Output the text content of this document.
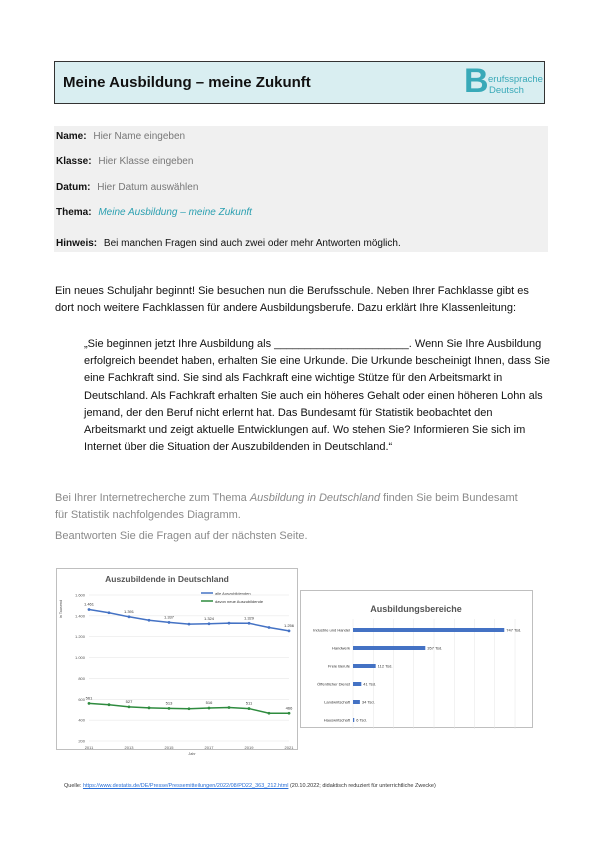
Meine Ausbildung – meine Zukunft	B erufssprache
Deutsch
Name: Hier Name eingeben
Klasse: Hier Klasse eingeben
Datum: Hier Datum auswählen
Thema: Meine Ausbildung – meine Zukunft
Hinweis: Bei manchen Fragen sind auch zwei oder mehr Antworten möglich.
Ein neues Schuljahr beginnt! Sie besuchen nun die Berufsschule. Neben Ihrer Fachklasse gibt es dort noch weitere Fachklassen für andere Ausbildungsberufe. Dazu erklärt Ihre Klassenleitung:
„Sie beginnen jetzt Ihre Ausbildung als ______________________. Wenn Sie Ihre Ausbildung erfolgreich beendet haben, erhalten Sie eine Urkunde. Die Urkunde bescheinigt Ihnen, dass Sie eine Fachkraft sind. Sie sind als Fachkraft eine wichtige Stütze für den Arbeitsmarkt in Deutschland. Als Fachkraft erhalten Sie auch ein höheres Gehalt oder einen höheren Lohn als jemand, der den Beruf nicht erlernt hat. Das Bundesamt für Statistik beobachtet den Arbeitsmarkt und zeigt aktuelle Entwicklungen auf. Wo stehen Sie? Informieren Sie sich im Internet über die Situation der Auszubildenden in Deutschland.“
Bei Ihrer Internetrecherche zum Thema Ausbildung in Deutschland finden Sie beim Bundesamt für Statistik nachfolgendes Diagramm.
Beantworten Sie die Fragen auf der nächsten Seite.
Auszubildende in Deutschland
alle Auszubildenden
davon neue Auszubildende
in Tausend
Jahr
200
400
600
800
1.000
1.200
1.400
1.600
2011	2013	2015	2017	2019	2021
1.461
1.391
1.337	1.324	1.329
1.256
561
527	513	516	511
466
Ausbildungsbereiche
Industrie und Handel	747 Tsd.
Handwerk	357 Tsd.
Freie Berufe	112 Tsd.
Öffentlicher Dienst	41 Tsd.
Landwirtschaft	34 Tsd.
Hauswirtschaft 6 Tsd.
Quelle: https://www.destatis.de/DE/Presse/Pressemitteilungen/2022/08/PD22_363_212.html (20.10.2022; didaktisch reduziert für unterrichtliche Zwecke)
